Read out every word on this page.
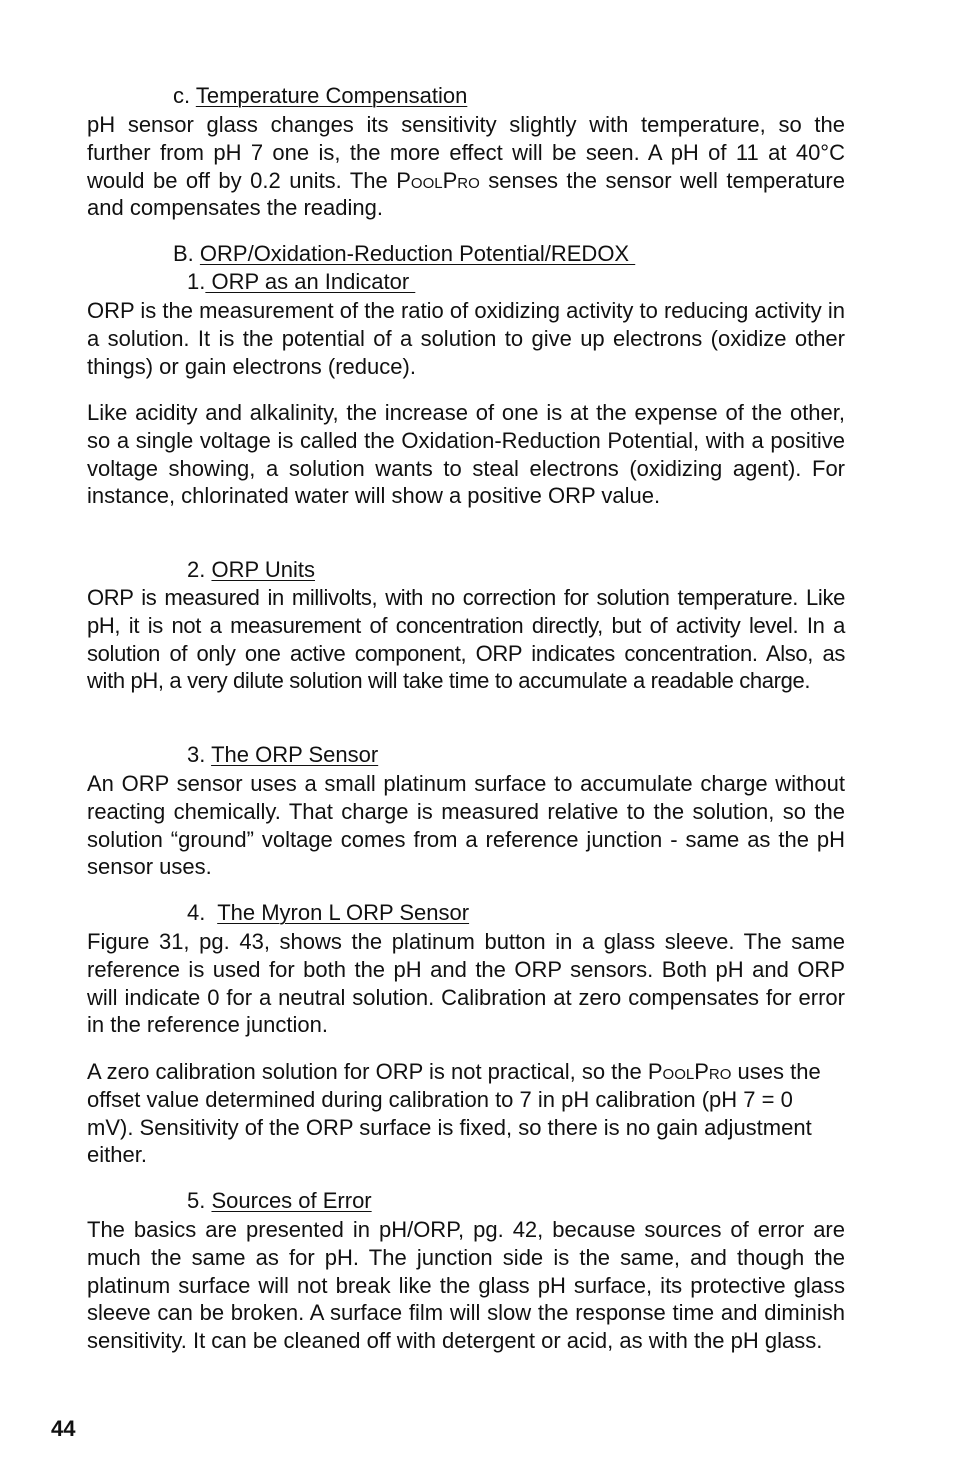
c. Temperature Compensation

pH sensor glass changes its sensitivity slightly with temperature, so the further from pH 7 one is, the more effect will be seen. A pH of 11 at 40°C would be off by 0.2 units. The PoolPro senses the sensor well temperature and compensates the reading.

B. ORP/Oxidation-Reduction Potential/REDOX

1. ORP as an Indicator

ORP is the measurement of the ratio of oxidizing activity to reducing activity in a solution. It is the potential of a solution to give up electrons (oxidize other things) or gain electrons (reduce).

Like acidity and alkalinity, the increase of one is at the expense of the other, so a single voltage is called the Oxidation-Reduction Potential, with a positive voltage showing, a solution wants to steal electrons (oxidizing agent). For instance, chlorinated water will show a positive ORP value.

2. ORP Units

ORP is measured in millivolts, with no correction for solution temperature. Like pH, it is not a measurement of concentration directly, but of activity level. In a solution of only one active component, ORP indicates concentration. Also, as with pH, a very dilute solution will take time to accumulate a readable charge.

3. The ORP Sensor

An ORP sensor uses a small platinum surface to accumulate charge without reacting chemically. That charge is measured relative to the solution, so the solution “ground” voltage comes from a reference junction - same as the pH sensor uses.

4.  The Myron L ORP Sensor

Figure 31, pg. 43, shows the platinum button in a glass sleeve. The same reference is used for both the pH and the ORP sensors. Both pH and ORP will indicate 0 for a neutral solution. Calibration at zero compensates for error in the reference junction.

A zero calibration solution for ORP is not practical, so the PoolPro uses the offset value determined during calibration to 7 in pH calibration (pH 7 = 0 mV). Sensitivity of the ORP surface is fixed, so there is no gain adjustment either.

5. Sources of Error

The basics are presented in pH/ORP, pg. 42, because sources of error are much the same as for pH. The junction side is the same, and though the platinum surface will not break like the glass pH surface, its protective glass sleeve can be broken. A surface film will slow the response time and diminish sensitivity. It can be cleaned off with detergent or acid, as with the pH glass.

44
